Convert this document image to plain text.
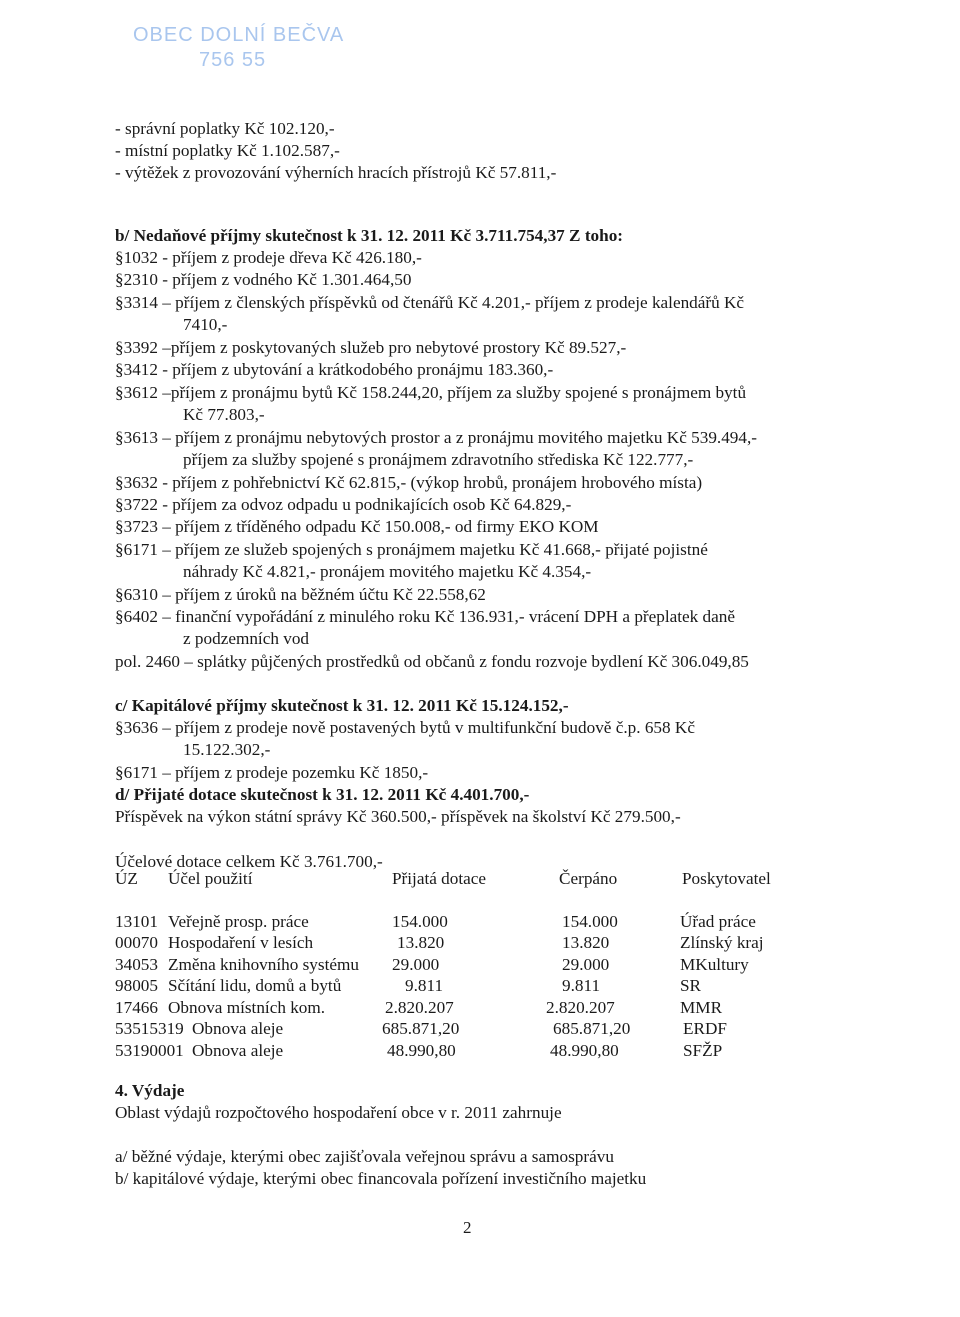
OBEC DOLNÍ BEČVA
756 55
- správní poplatky Kč 102.120,-
- místní poplatky Kč 1.102.587,-
- výtěžek z provozování výherních hracích přístrojů Kč 57.811,-
b/ Nedaňové příjmy skutečnost k 31. 12. 2011 Kč 3.711.754,37 Z toho:
§1032 - příjem z prodeje dřeva Kč 426.180,-
§2310 - příjem z vodného Kč 1.301.464,50
§3314 – příjem z členských příspěvků od čtenářů Kč 4.201,- příjem z prodeje kalendářů Kč
7410,-
§3392 –příjem z poskytovaných služeb pro nebytové prostory Kč 89.527,-
§3412 - příjem z ubytování a krátkodobého pronájmu 183.360,-
§3612 –příjem z pronájmu bytů Kč 158.244,20, příjem za služby spojené s pronájmem bytů
Kč 77.803,-
§3613 – příjem z pronájmu nebytových prostor a z pronájmu movitého majetku Kč 539.494,-
příjem za služby spojené s pronájmem zdravotního střediska Kč 122.777,-
§3632 - příjem z pohřebnictví Kč 62.815,- (výkop hrobů, pronájem hrobového místa)
§3722 - příjem za odvoz odpadu u podnikajících osob Kč 64.829,-
§3723 – příjem z tříděného odpadu Kč 150.008,- od firmy EKO KOM
§6171 – příjem ze služeb spojených s pronájmem majetku Kč 41.668,- přijaté pojistné
náhrady Kč 4.821,- pronájem movitého majetku Kč 4.354,-
§6310 – příjem z úroků na běžném účtu Kč 22.558,62
§6402 – finanční vypořádání z minulého roku Kč 136.931,- vrácení DPH a přeplatek daně
z podzemních vod
pol. 2460 – splátky půjčených prostředků od občanů z fondu rozvoje bydlení Kč 306.049,85
c/ Kapitálové příjmy skutečnost k 31. 12. 2011 Kč 15.124.152,-
§3636 – příjem z prodeje nově postavených bytů v multifunkční budově č.p. 658 Kč
15.122.302,-
§6171 – příjem z prodeje pozemku Kč 1850,-
d/ Přijaté dotace skutečnost k 31. 12. 2011 Kč 4.401.700,-
Příspěvek na výkon státní správy Kč 360.500,- příspěvek na školství Kč 279.500,-
Účelové dotace celkem Kč 3.761.700,-
4. Výdaje
Oblast výdajů rozpočtového hospodaření obce v r. 2011 zahrnuje
a/ běžné výdaje, kterými obec zajišťovala veřejnou správu a samosprávu
b/ kapitálové výdaje, kterými obec financovala pořízení investičního majetku
ÚZ Účel použití	Přijatá dotace	Čerpáno	Poskytovatel
13101 Veřejně prosp. práce	154.000	154.000	Úřad práce
00070 Hospodaření v lesích	13.820	13.820	Zlínský kraj
34053 Změna knihovního systému 29.000	29.000	MKultury
98005 Sčítání lidu, domů a bytů	9.811	9.811	SR
17466 Obnova místních kom.	2.820.207	2.820.207	MMR
53515319 Obnova aleje	685.871,20	685.871,20	ERDF
53190001 Obnova aleje	48.990,80	48.990,80	SFŽP
2
